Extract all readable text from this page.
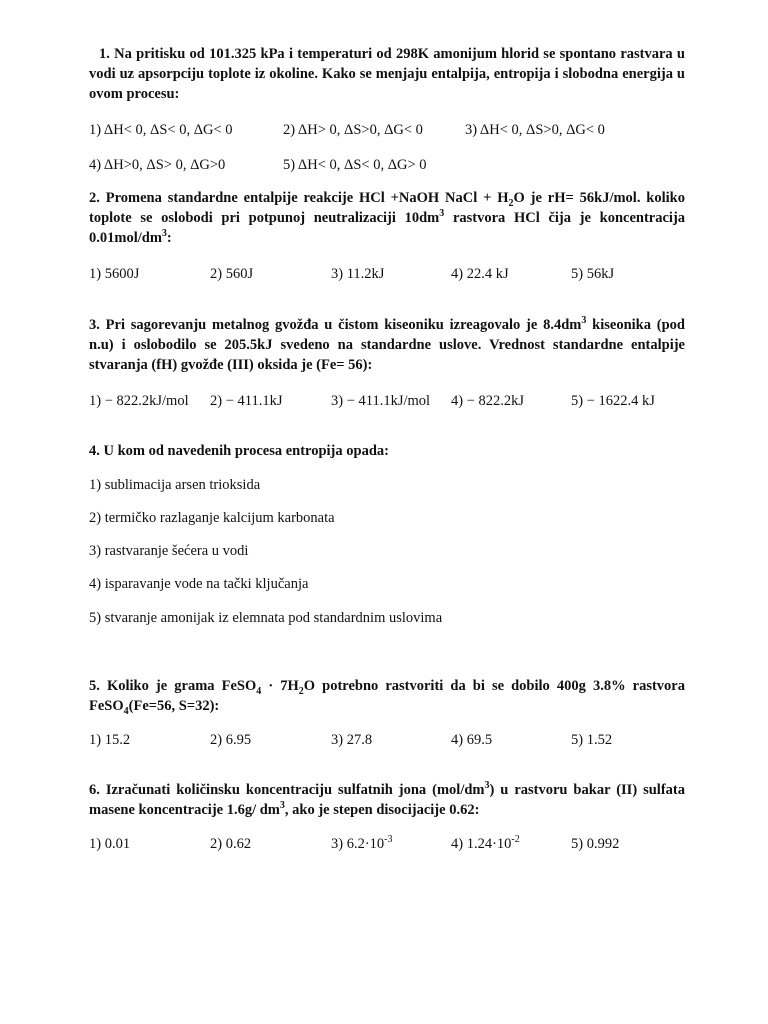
1. Na pritisku od 101.325 kPa i temperaturi od 298K amonijum hlorid se spontano rastvara u vodi uz apsorpciju toplote iz okoline. Kako se menjaju entalpija, entropija i slobodna energija u ovom procesu:

1) ΔH< 0, ΔS< 0, ΔG< 0	2) ΔH> 0, ΔS>0, ΔG< 0	3) ΔH< 0, ΔS>0, ΔG< 0
4) ΔH>0, ΔS> 0, ΔG>0	5) ΔH< 0, ΔS< 0, ΔG> 0

2. Promena standardne entalpije reakcije HCl +NaOH NaCl + $H_2O$ je rH= 56kJ/mol. koliko toplote se oslobodi pri potpunoj neutralizaciji $10dm^3$ rastvora HCl čija je koncentracija $0.01mol/dm^3$:

1) 5600J	2) 560J	3) 11.2kJ	4) 22.4 kJ	5) 56kJ

3. Pri sagorevanju metalnog gvožđa u čistom kiseoniku izreagovalo je $8.4dm^3$ kiseonika (pod n.u) i oslobodilo se 205.5kJ svedeno na standardne uslove. Vrednost standardne entalpije stvaranja (fH) gvožđe (III) oksida je (Fe= 56):

1) − 822.2kJ/mol 2) − 411.1kJ	3) − 411.1kJ/mol 4) − 822.2kJ	5) − 1622.4 kJ

4. U kom od navedenih procesa entropija opada:

1) sublimacija arsen trioksida
2) termičko razlaganje kalcijum karbonata
3) rastvaranje šećera u vodi
4) isparavanje vode na tački ključanja
5) stvaranje amonijak iz elemnata pod standardnim uslovima

5. Koliko je grama FeSO$_4$ · $7H_2O$ potrebno rastvoriti da bi se dobilo 400g 3.8% rastvora FeSO$_4$(Fe=56, S=32):

1) 15.2	2) 6.95	3) 27.8	4) 69.5	5) 1.52

6. Izračunati količinsku koncentraciju sulfatnih jona $(mol/dm^3)$ u rastvoru bakar (II) sulfata masene koncentracije 1.6g/ $dm^3$, ako je stepen disocijacije 0.62:

1) 0.01	2) 0.62	3) $6.2\cdot 10^{-3}$	4) $1.24\cdot 10^{-2}$	5) 0.992
